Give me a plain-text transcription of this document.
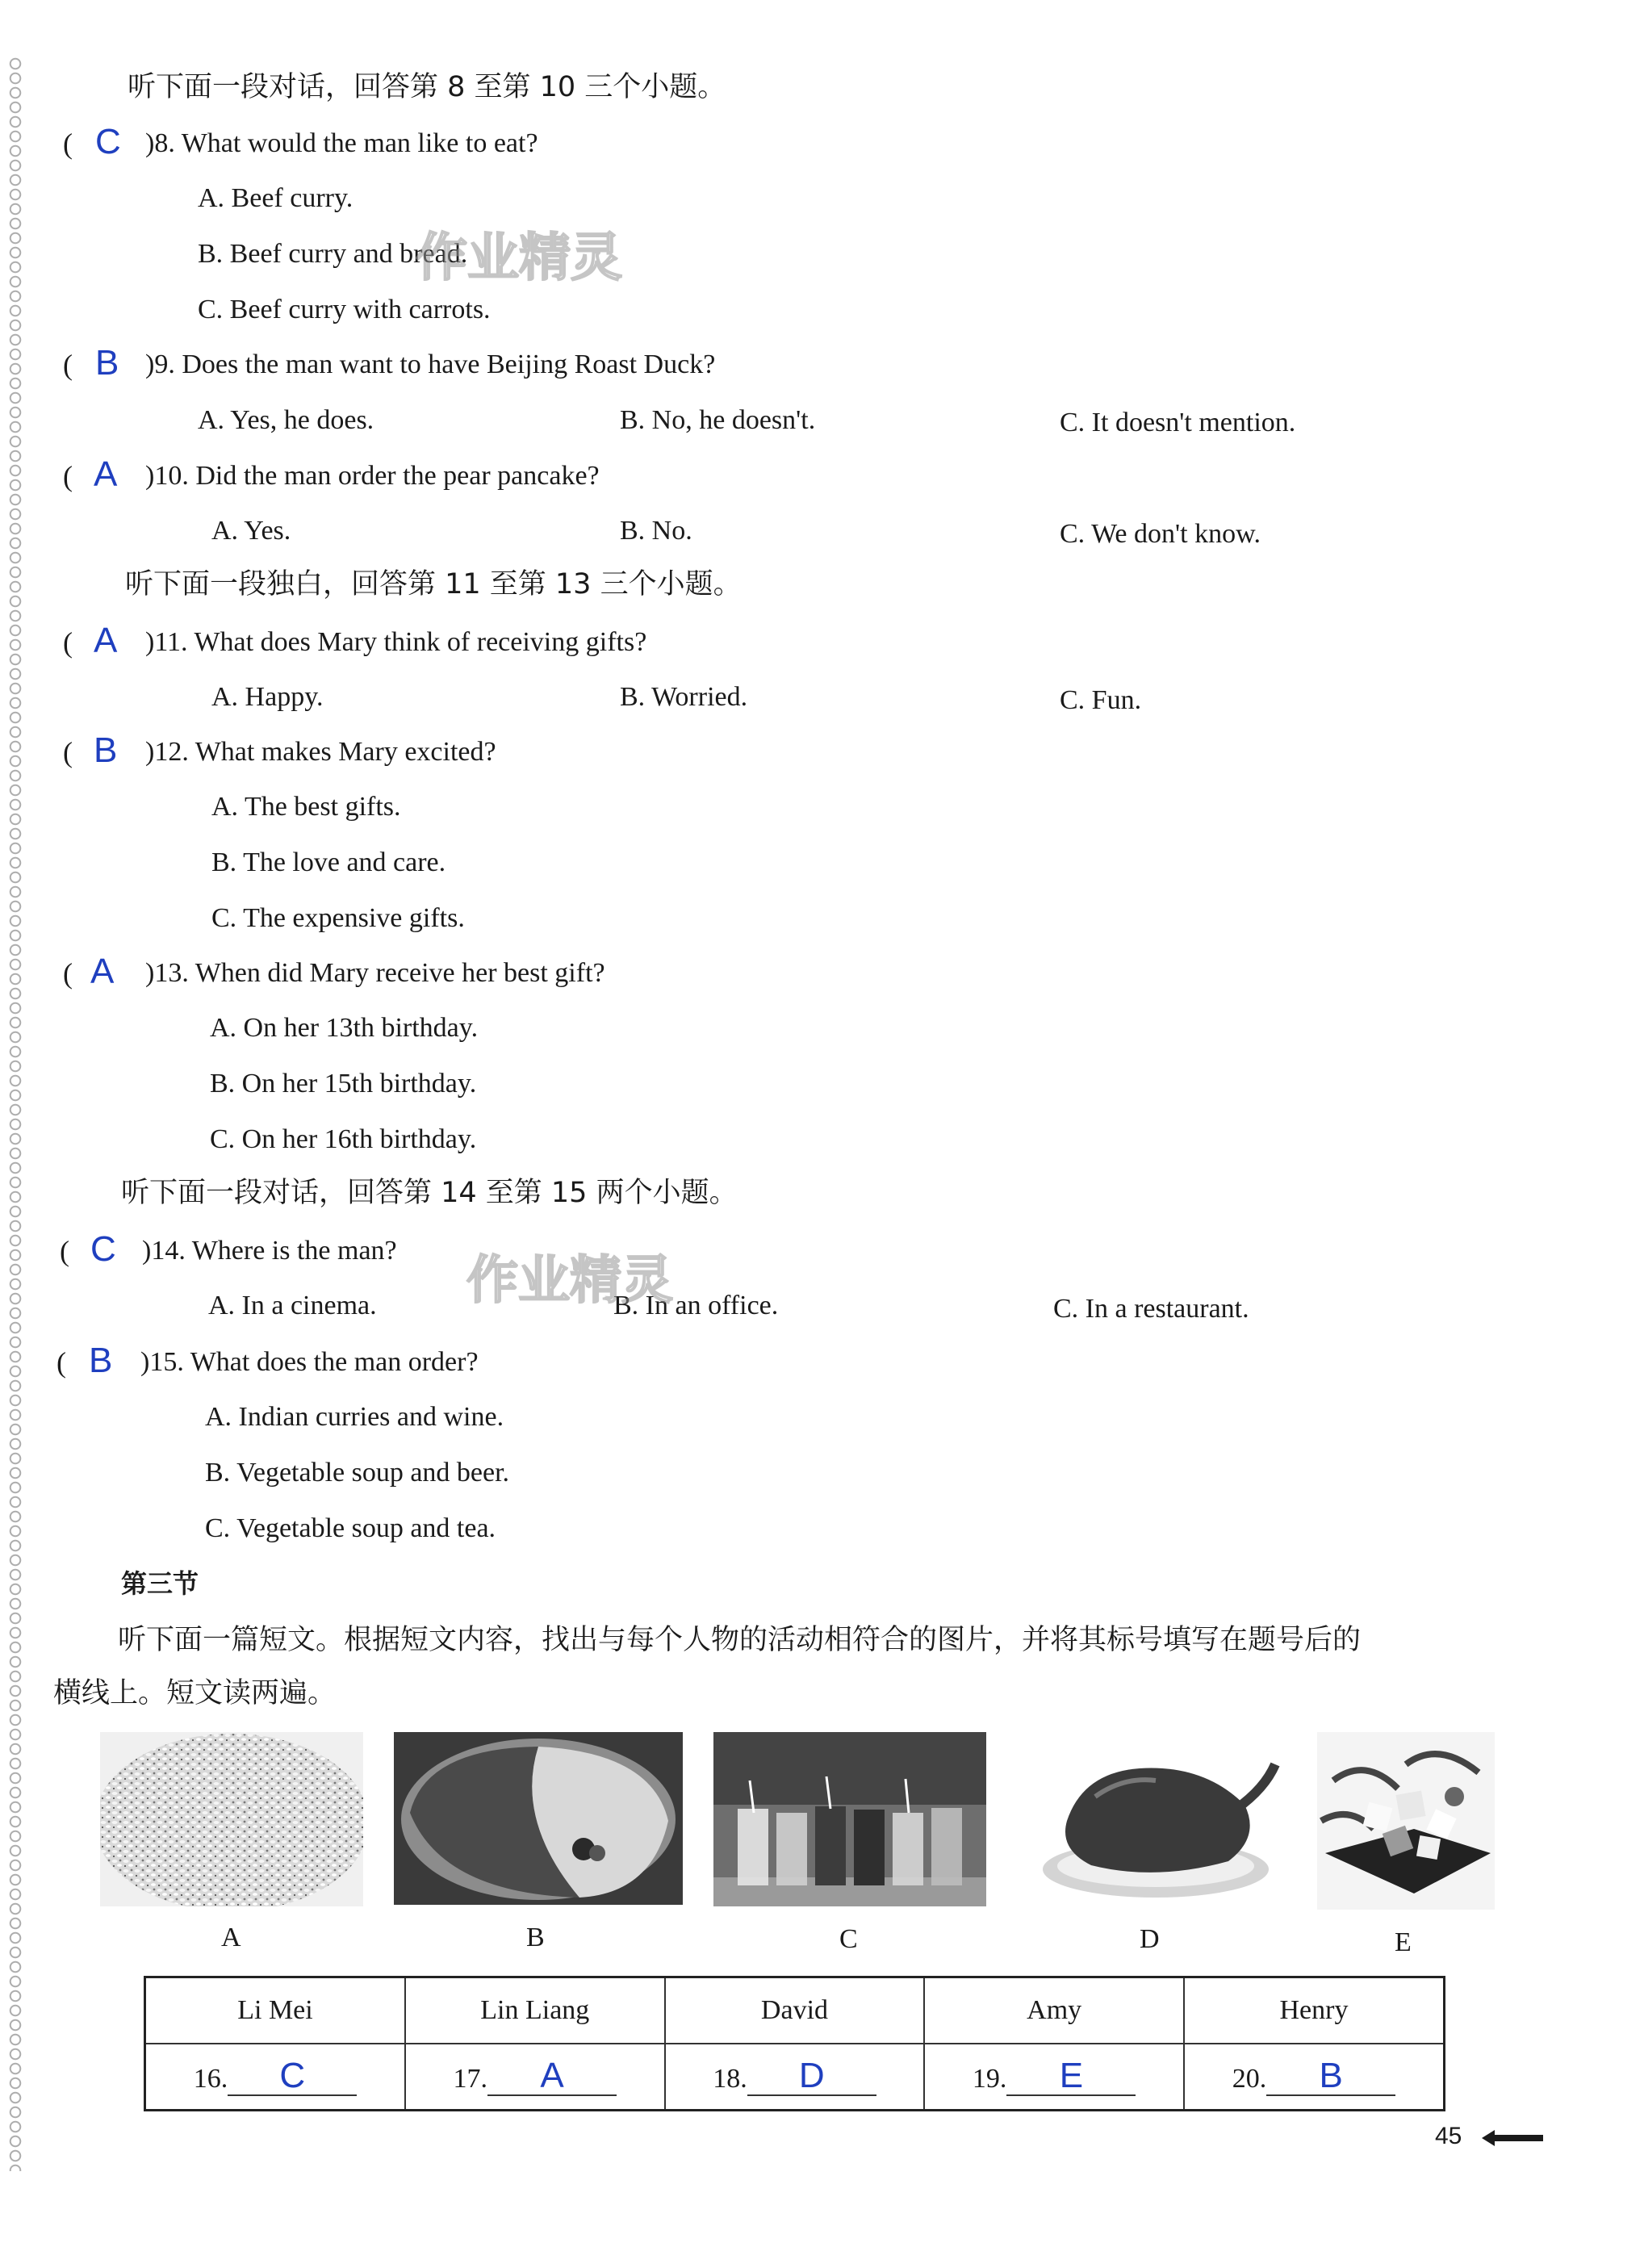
听下面一段对话，回答第 8 至第 10 三个小题。
( C )8. What would the man like to eat?
A. Beef curry.
B. Beef curry and bread.
C. Beef curry with carrots.
作业精灵
( B )9. Does the man want to have Beijing Roast Duck?
A. Yes, he does.	B. No, he doesn't.	C. It doesn't mention.
( A )10. Did the man order the pear pancake?
A. Yes.	B. No.	C. We don't know.
听下面一段独白，回答第 11 至第 13 三个小题。
( A )11. What does Mary think of receiving gifts?
A. Happy.	B. Worried.	C. Fun.
( B )12. What makes Mary excited?
A. The best gifts.
B. The love and care.
C. The expensive gifts.
( A )13. When did Mary receive her best gift?
A. On her 13th birthday.
B. On her 15th birthday.
C. On her 16th birthday.
听下面一段对话，回答第 14 至第 15 两个小题。
( C )14. Where is the man?
A. In a cinema.	B. In an office.	C. In a restaurant.
作业精灵
( B )15. What does the man order?
A. Indian curries and wine.
B. Vegetable soup and beer.
C. Vegetable soup and tea.
第三节
听下面一篇短文。根据短文内容，找出与每个人物的活动相符合的图片，并将其标号填写在题号后的
横线上。短文读两遍。
A	B	C	D	E
Li Mei	Lin Liang	David	Amy	Henry
16. C	17. A	18. D	19. E	20. B
45
